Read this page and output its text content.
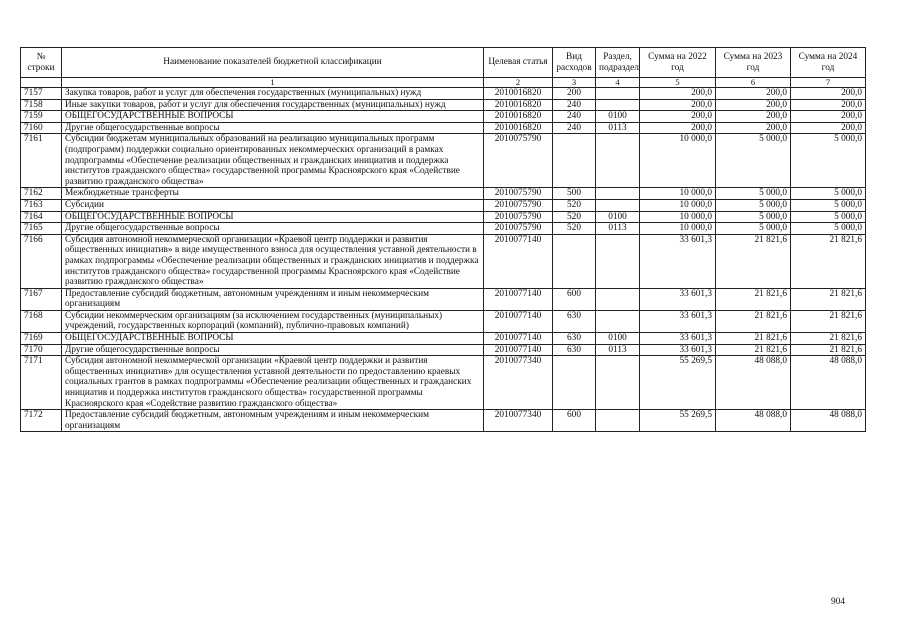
№ строки	Наименование показателей бюджетной классификации	Целевая статья	Вид расходов	Раздел, подраздел	Сумма на 2022 год	Сумма на 2023 год	Сумма на 2024 год
	1	2	3	4	5	6	7
7157	Закупка товаров, работ и услуг для обеспечения государственных (муниципальных) нужд	2010016820	200		200,0	200,0	200,0
7158	Иные закупки товаров, работ и услуг для обеспечения государственных (муниципальных) нужд	2010016820	240		200,0	200,0	200,0
7159	ОБЩЕГОСУДАРСТВЕННЫЕ ВОПРОСЫ	2010016820	240	0100	200,0	200,0	200,0
7160	Другие общегосударственные вопросы	2010016820	240	0113	200,0	200,0	200,0
7161	Субсидии бюджетам муниципальных образований на реализацию муниципальных программ (подпрограмм) поддержки социально ориентированных некоммерческих организаций в рамках подпрограммы «Обеспечение реализации общественных и гражданских инициатив и поддержка институтов гражданского общества» государственной программы Красноярского края «Содействие развитию гражданского общества»	2010075790			10 000,0	5 000,0	5 000,0
7162	Межбюджетные трансферты	2010075790	500		10 000,0	5 000,0	5 000,0
7163	Субсидии	2010075790	520		10 000,0	5 000,0	5 000,0
7164	ОБЩЕГОСУДАРСТВЕННЫЕ ВОПРОСЫ	2010075790	520	0100	10 000,0	5 000,0	5 000,0
7165	Другие общегосударственные вопросы	2010075790	520	0113	10 000,0	5 000,0	5 000,0
7166	Субсидия автономной некоммерческой организации «Краевой центр поддержки и развития общественных инициатив» в виде имущественного взноса для осуществления уставной деятельности в рамках подпрограммы «Обеспечение реализации общественных и гражданских инициатив и поддержка институтов гражданского общества» государственной программы Красноярского края «Содействие развитию гражданского общества»	2010077140			33 601,3	21 821,6	21 821,6
7167	Предоставление субсидий бюджетным, автономным учреждениям и иным некоммерческим организациям	2010077140	600		33 601,3	21 821,6	21 821,6
7168	Субсидии некоммерческим организациям (за исключением государственных (муниципальных) учреждений, государственных корпораций (компаний), публично-правовых компаний)	2010077140	630		33 601,3	21 821,6	21 821,6
7169	ОБЩЕГОСУДАРСТВЕННЫЕ ВОПРОСЫ	2010077140	630	0100	33 601,3	21 821,6	21 821,6
7170	Другие общегосударственные вопросы	2010077140	630	0113	33 601,3	21 821,6	21 821,6
7171	Субсидия автономной некоммерческой организации «Краевой центр поддержки и развития общественных инициатив» для осуществления уставной деятельности по предоставлению краевых социальных грантов в рамках подпрограммы «Обеспечение реализации общественных и гражданских инициатив и поддержка институтов гражданского общества» государственной программы Красноярского края «Содействие развитию гражданского общества»	2010077340			55 269,5	48 088,0	48 088,0
7172	Предоставление субсидий бюджетным, автономным учреждениям и иным некоммерческим организациям	2010077340	600		55 269,5	48 088,0	48 088,0
904
